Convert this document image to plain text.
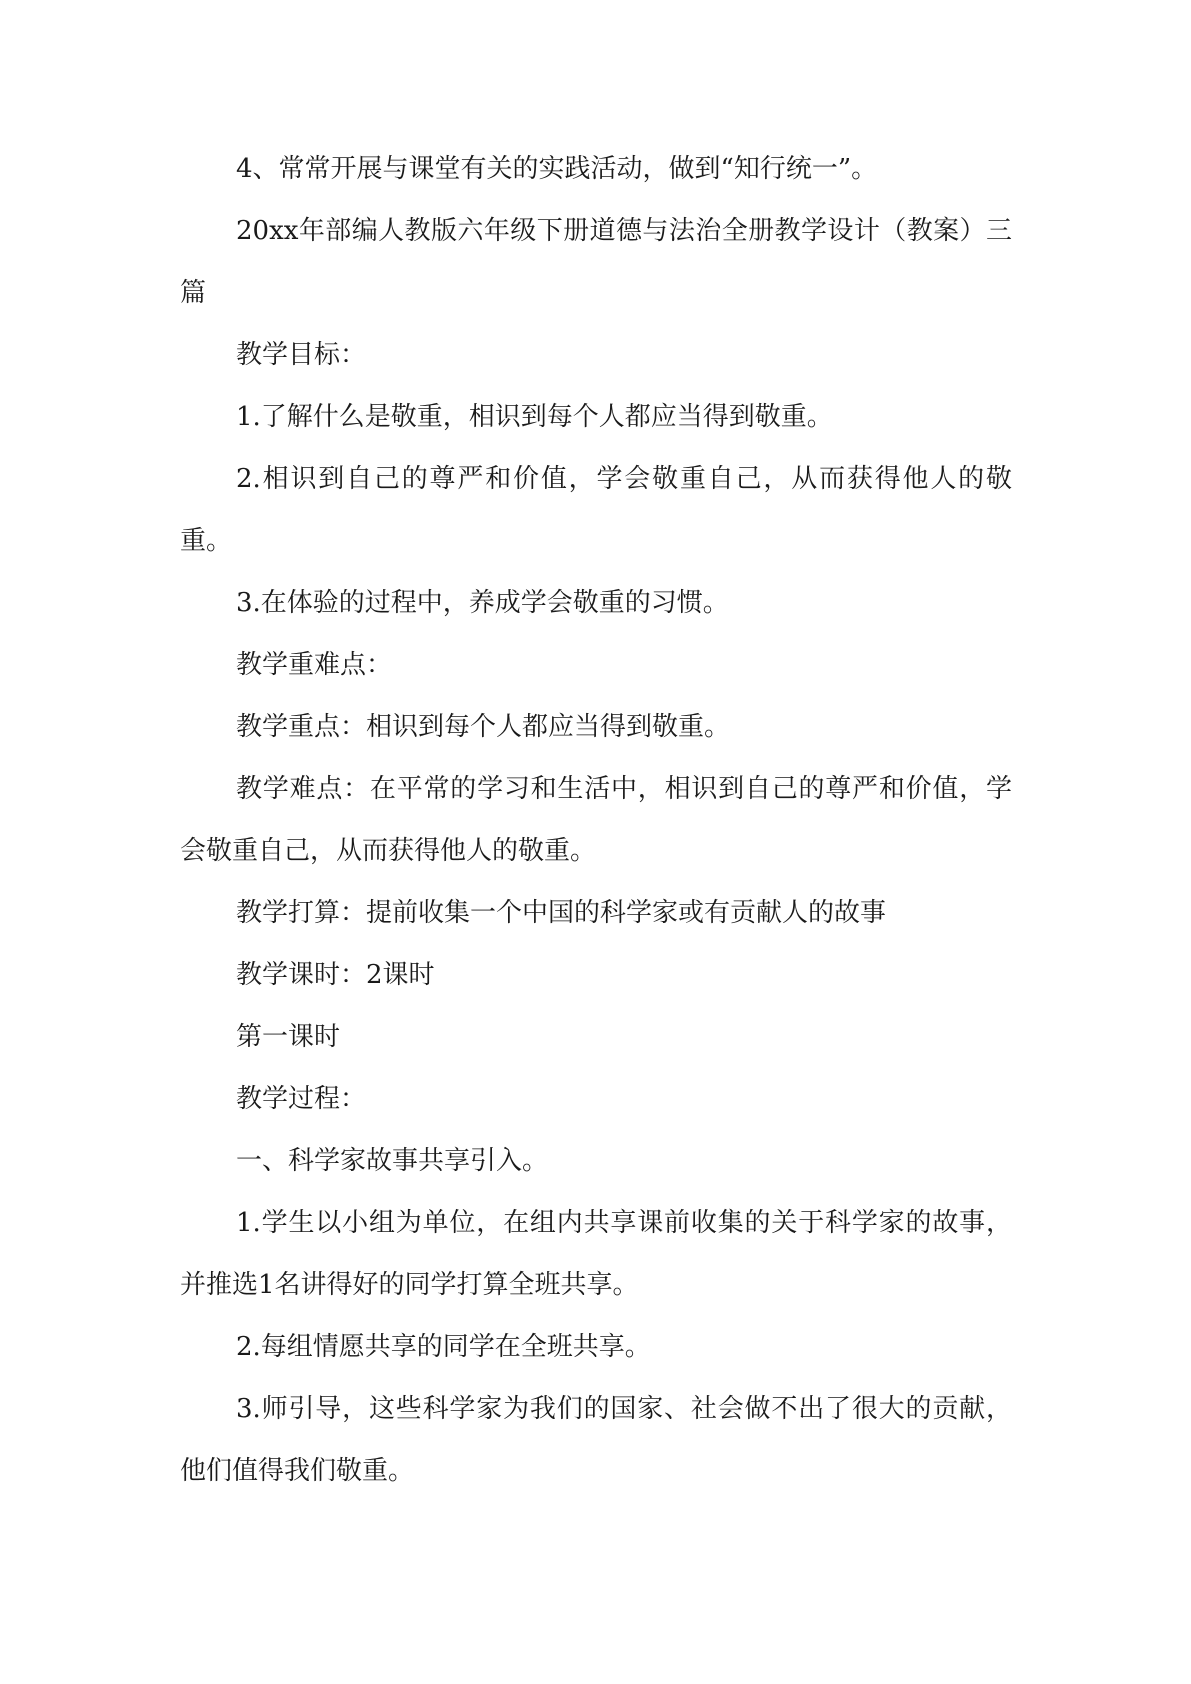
4、常常开展与课堂有关的实践活动，做到“知行统一”。

20xx年部编人教版六年级下册道德与法治全册教学设计（教案）三篇

教学目标：

1.了解什么是敬重，相识到每个人都应当得到敬重。

2.相识到自己的尊严和价值，学会敬重自己，从而获得他人的敬重。

3.在体验的过程中，养成学会敬重的习惯。

教学重难点：

教学重点：相识到每个人都应当得到敬重。

教学难点：在平常的学习和生活中，相识到自己的尊严和价值，学会敬重自己，从而获得他人的敬重。

教学打算：提前收集一个中国的科学家或有贡献人的故事

教学课时：2课时

第一课时

教学过程：

一、科学家故事共享引入。

1.学生以小组为单位，在组内共享课前收集的关于科学家的故事，并推选1名讲得好的同学打算全班共享。

2.每组情愿共享的同学在全班共享。

3.师引导，这些科学家为我们的国家、社会做不出了很大的贡献，他们值得我们敬重。
